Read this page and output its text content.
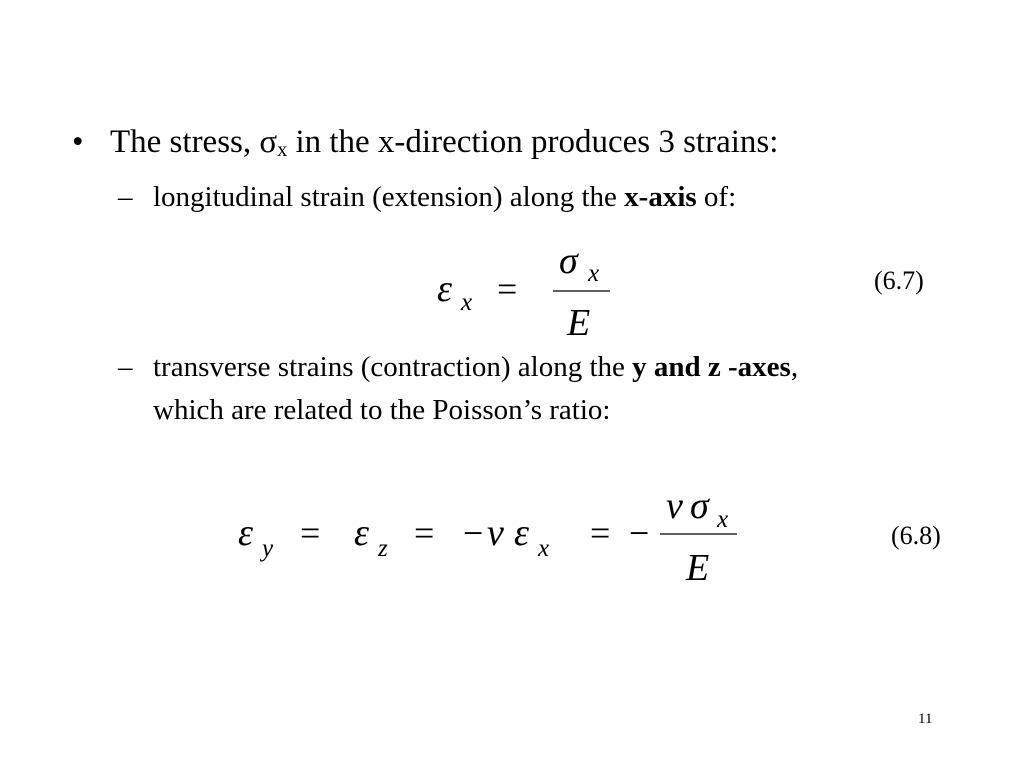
• The stress, σx in the x-direction produces 3 strains:
– longitudinal strain (extension) along the x-axis of:
ε x =
σ x
E
(6.7)
ε y = ε z = − ν ε x = −
ν σ x
E
(6.8)
– transverse strains (contraction) along the y and z -axes,
which are related to the Poisson’s ratio:
11
